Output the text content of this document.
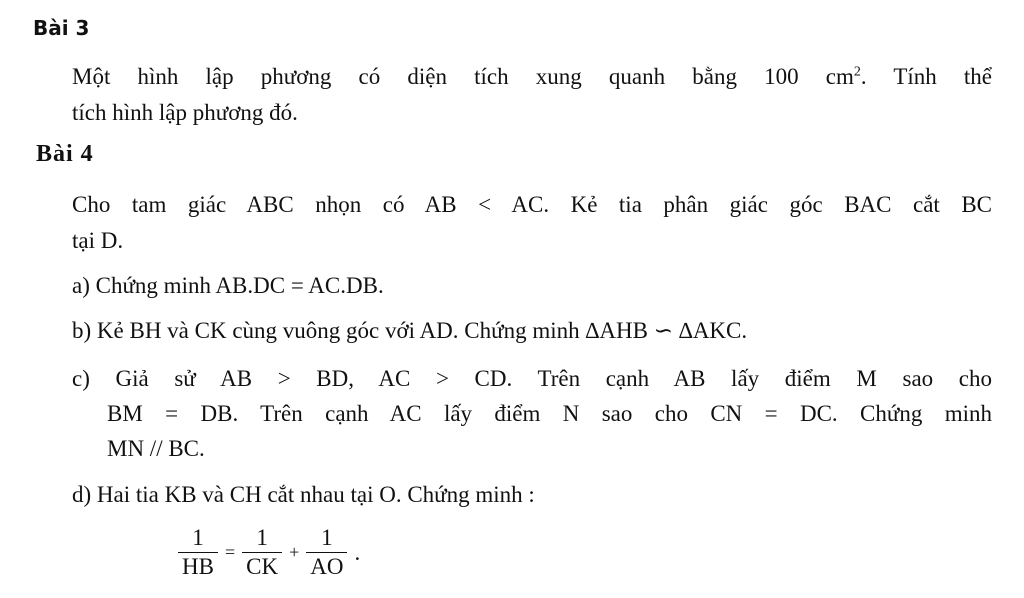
Bài 3
Một hình lập phương có diện tích xung quanh bằng 100 $cm^2$. Tính thể
tích hình lập phương đó.
Bài 4
Cho tam giác ABC nhọn có AB < AC. Kẻ tia phân giác góc BAC cắt BC
tại D.
a) Chứng minh AB.DC = AC.DB.
b) Kẻ BH và CK cùng vuông góc với AD. Chứng minh ∆AHB ∽ ∆AKC.
c) Giả sử AB > BD, AC > CD. Trên cạnh AB lấy điểm M sao cho
BM = DB. Trên cạnh AC lấy điểm N sao cho CN = DC. Chứng minh
MN // BC.
d) Hai tia KB và CH cắt nhau tại O. Chứng minh :
$\frac{1}{HB} = \frac{1}{CK} + \frac{1}{AO}$ .
